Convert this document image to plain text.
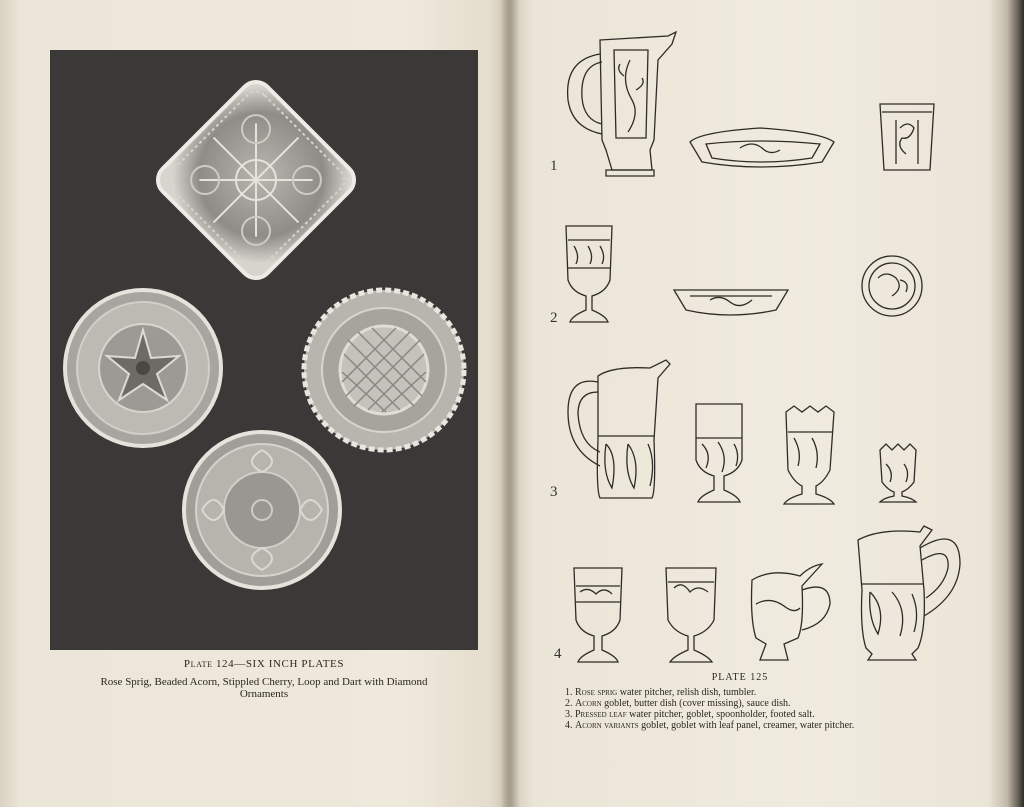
Plate 124—SIX INCH PLATES
Rose Sprig, Beaded Acorn, Stippled Cherry, Loop and Dart with Diamond Ornaments
1
2
3
4
PLATE 125
1. Rose sprig water pitcher, relish dish, tumbler.
2. Acorn goblet, butter dish (cover missing), sauce dish.
3. Pressed leaf water pitcher, goblet, spoonholder, footed salt.
4. Acorn variants goblet, goblet with leaf panel, creamer, water pitcher.
